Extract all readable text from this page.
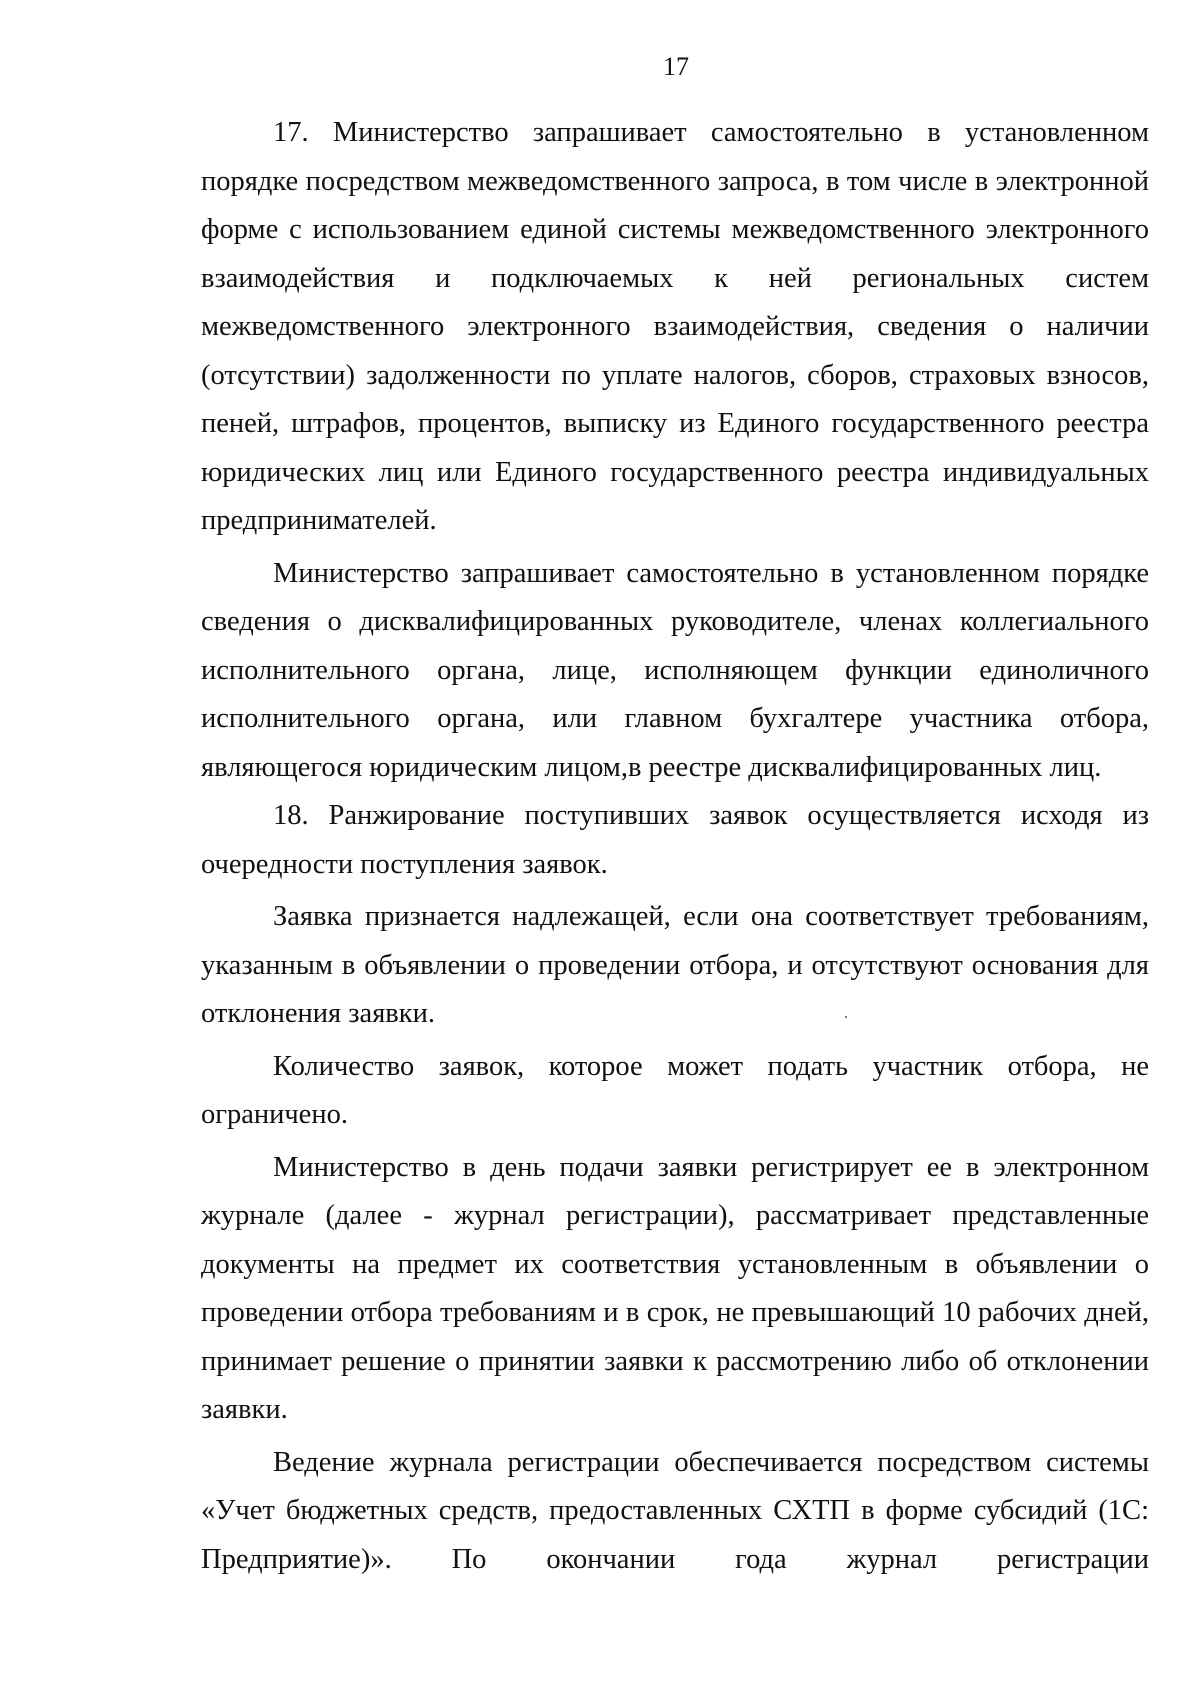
17

17. Министерство запрашивает самостоятельно в установленном порядке посредством межведомственного запроса, в том числе в электронной форме с использованием единой системы межведомственного электронного взаимодействия и подключаемых к ней региональных систем межведомственного электронного взаимодействия, сведения о наличии (отсутствии) задолженности по уплате налогов, сборов, страховых взносов, пеней, штрафов, процентов, выписку из Единого государственного реестра юридических лиц или Единого государственного реестра индивидуальных предпринимателей.

Министерство запрашивает самостоятельно в установленном порядке сведения о дисквалифицированных руководителе, членах коллегиального исполнительного органа, лице, исполняющем функции единоличного исполнительного органа, или главном бухгалтере участника отбора, являющегося юридическим лицом,в реестре дисквалифицированных лиц.

18. Ранжирование поступивших заявок осуществляется исходя из очередности поступления заявок.

Заявка признается надлежащей, если она соответствует требованиям, указанным в объявлении о проведении отбора, и отсутствуют основания для отклонения заявки.

Количество заявок, которое может подать участник отбора, не ограничено.

Министерство в день подачи заявки регистрирует ее в электронном журнале (далее - журнал регистрации), рассматривает представленные документы на предмет их соответствия установленным в объявлении о проведении отбора требованиям и в срок, не превышающий 10 рабочих дней, принимает решение о принятии заявки к рассмотрению либо об отклонении заявки.

Ведение журнала регистрации обеспечивается посредством системы «Учет бюджетных средств, предоставленных СХТП в форме субсидий (1С: Предприятие)». По окончании года журнал регистрации
